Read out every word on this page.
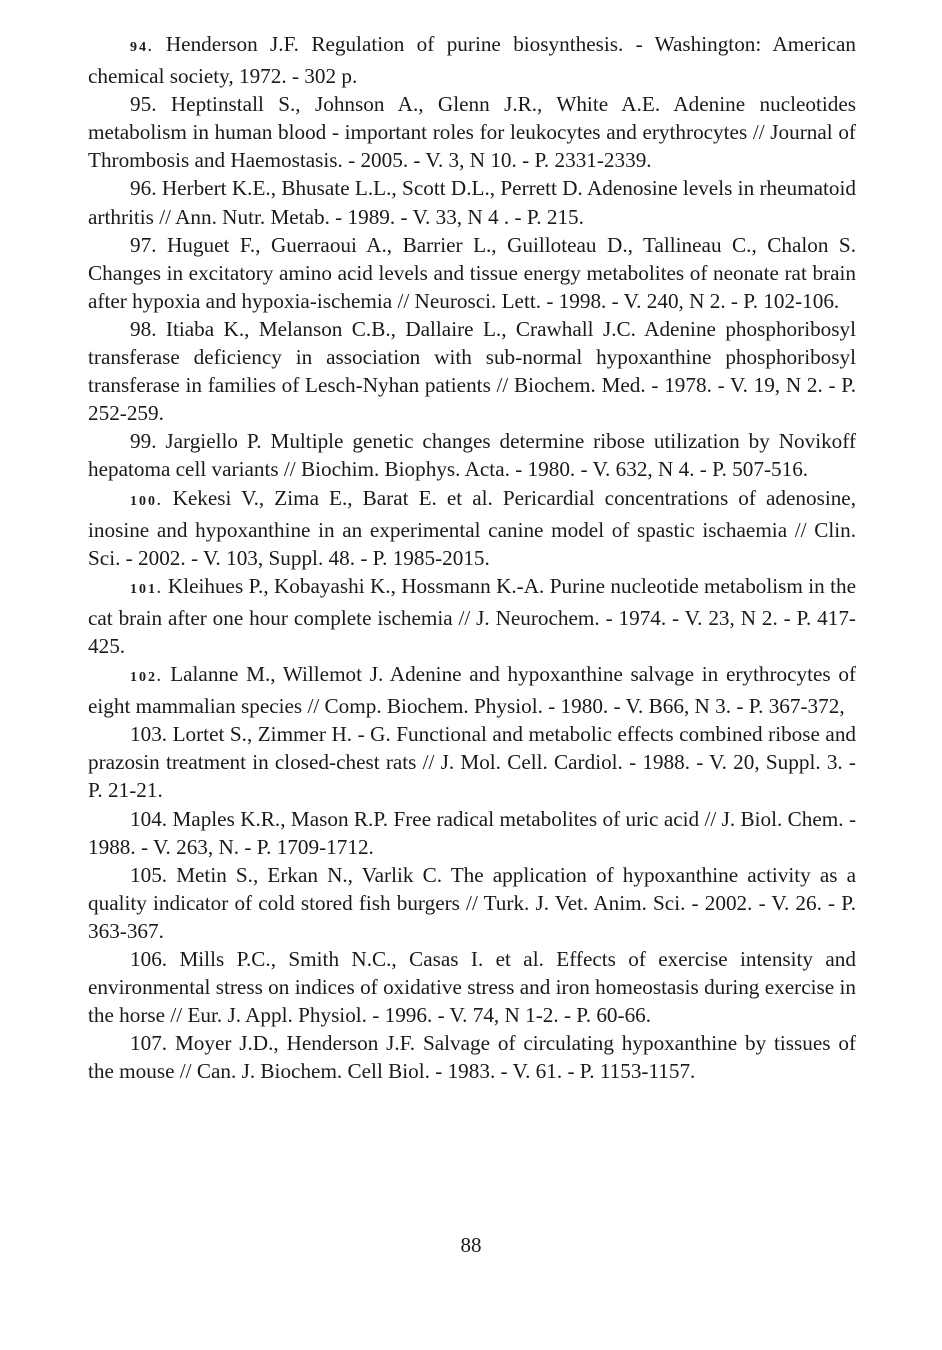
94. Henderson J.F. Regulation of purine biosynthesis. - Washington: American chemical society, 1972. - 302 p.

95. Heptinstall S., Johnson A., Glenn J.R., White A.E. Adenine nucleotides metabolism in human blood - important roles for leukocytes and erythrocytes // Journal of Thrombosis and Haemostasis. - 2005. - V. 3, N 10. - P. 2331-2339.

96. Herbert K.E., Bhusate L.L., Scott D.L., Perrett D. Adenosine levels in rheumatoid arthritis // Ann. Nutr. Metab. - 1989. - V. 33, N 4 . - P. 215.

97. Huguet F., Guerraoui A., Barrier L., Guilloteau D., Tallineau C., Chalon S. Changes in excitatory amino acid levels and tissue energy metabolites of neonate rat brain after hypoxia and hypoxia-ischemia // Neurosci. Lett. - 1998. - V. 240, N 2. - P. 102-106.

98. Itiaba K., Melanson C.B., Dallaire L., Crawhall J.C. Adenine phosphoribosyl transferase deficiency in association with sub-normal hypoxanthine phosphoribosyl transferase in families of Lesch-Nyhan patients // Biochem. Med. - 1978. - V. 19, N 2. - P. 252-259.

99. Jargiello P. Multiple genetic changes determine ribose utilization by Novikoff hepatoma cell variants // Biochim. Biophys. Acta. - 1980. - V. 632, N 4. - P. 507-516.

100. Kekesi V., Zima E., Barat E. et al. Pericardial concentrations of adenosine, inosine and hypoxanthine in an experimental canine model of spastic ischaemia // Clin. Sci. - 2002. - V. 103, Suppl. 48. - P. 1985-2015.

101. Kleihues P., Kobayashi K., Hossmann K.-A. Purine nucleotide metabolism in the cat brain after one hour complete ischemia // J. Neurochem. - 1974. - V. 23, N 2. - P. 417-425.

102. Lalanne M., Willemot J. Adenine and hypoxanthine salvage in erythrocytes of eight mammalian species // Comp. Biochem. Physiol. - 1980. - V. B66, N 3. - P. 367-372,

103. Lortet S., Zimmer H. - G. Functional and metabolic effects combined ribose and prazosin treatment in closed-chest rats // J. Mol. Cell. Cardiol. - 1988. - V. 20, Suppl. 3. - P. 21-21.

104. Maples K.R., Mason R.P. Free radical metabolites of uric acid // J. Biol. Chem. - 1988. - V. 263, N. - P. 1709-1712.

105. Metin S., Erkan N., Varlik C. The application of hypoxanthine activity as a quality indicator of cold stored fish burgers // Turk. J. Vet. Anim. Sci. - 2002. - V. 26. - P. 363-367.

106. Mills P.C., Smith N.C., Casas I. et al. Effects of exercise intensity and environmental stress on indices of oxidative stress and iron homeostasis during exercise in the horse // Eur. J. Appl. Physiol. - 1996. - V. 74, N 1-2. - P. 60-66.

107. Moyer J.D., Henderson J.F. Salvage of circulating hypoxanthine by tissues of the mouse // Can. J. Biochem. Cell Biol. - 1983. - V. 61. - P. 1153-1157.

88
